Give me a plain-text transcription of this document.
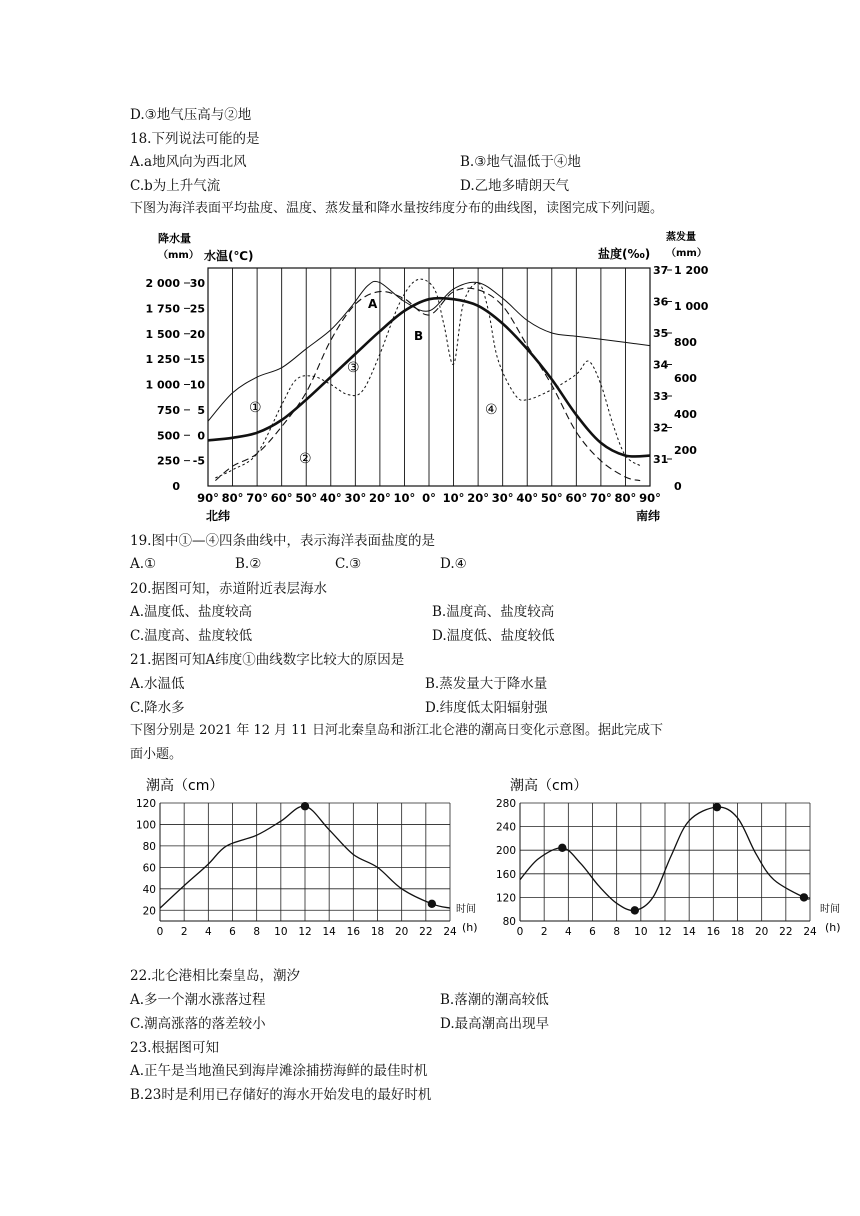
D.③地气压高与②地
18.下列说法可能的是
A.a地风向为西北风	B.③地气温低于④地
C.b为上升气流	D.乙地多晴朗天气
下图为海洋表面平均盐度、温度、蒸发量和降水量按纬度分布的曲线图，读图完成下列问题。
降水量
（mm） 水温(℃)	盐度(‰)
蒸发量
（mm）
90° 80° 70° 60° 50° 40° 30° 20° 10° 0° 10° 20° 30° 40° 50° 60° 70° 80° 90°
2 000
1 750
1 500
1 250
1 000
750
500
250
0
30
25
20
15
10
5
0
-5
37
36
35
34
33
32
31
1 200
1 000
800
600
400
200
0
A
B
①
②
③
④
北纬	南纬
19.图中①—④四条曲线中，表示海洋表面盐度的是
A.①	B.②	C.③	D.④
20.据图可知，赤道附近表层海水
A.温度低、盐度较高	B.温度高、盐度较高
C.温度高、盐度较低	D.温度低、盐度较低
21.据图可知A纬度①曲线数字比较大的原因是
A.水温低	B.蒸发量大于降水量
C.降水多	D.纬度低太阳辐射强
下图分别是 2021 年 12 月 11 日河北秦皇岛和浙江北仑港的潮高日变化示意图。据此完成下
面小题。
潮高（cm）
0 2 4 6 8 10 12 14 16 18 20 22 24
120
100
80
60
40
20	时间
(h)
潮高（cm）
0 2 4 6 8 10 12 14 16 18 20 22 24
280
240
200
160
120
80
时间
(h)
22.北仑港相比秦皇岛，潮汐
A.多一个潮水涨落过程	B.落潮的潮高较低
C.潮高涨落的落差较小	D.最高潮高出现早
23.根据图可知
A.正午是当地渔民到海岸滩涂捕捞海鲜的最佳时机
B.23时是利用已存储好的海水开始发电的最好时机
